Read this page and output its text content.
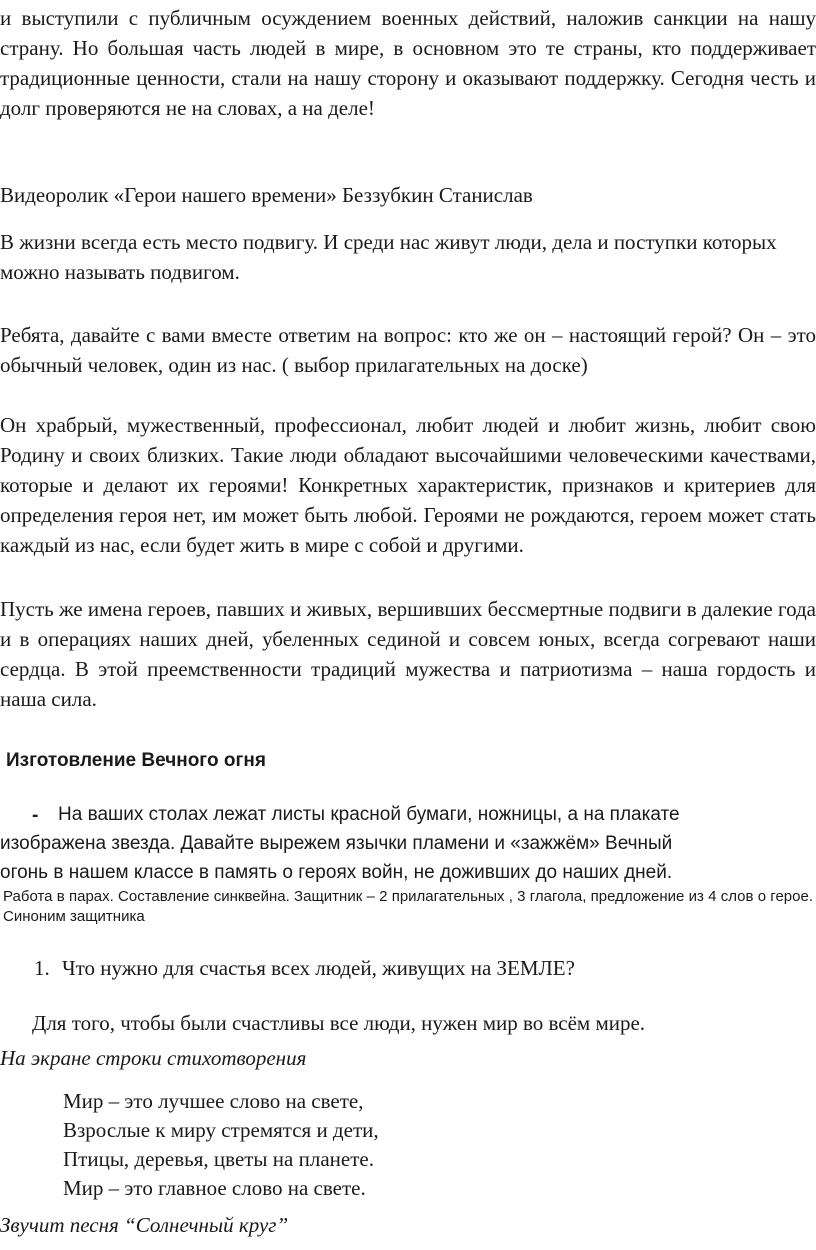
и выступили с публичным осуждением военных действий, наложив санкции на нашу страну. Но большая часть людей в мире, в основном это те страны, кто поддерживает традиционные ценности, стали на нашу сторону и оказывают поддержку. Сегодня честь и долг проверяются не на словах, а на деле!

Видеоролик «Герои нашего времени» Беззубкин Станислав

В жизни всегда есть место подвигу. И среди нас живут люди, дела и поступки которых можно называть подвигом.

Ребята, давайте с вами вместе ответим на вопрос: кто же он – настоящий герой? Он – это обычный человек, один из нас. ( выбор прилагательных на доске)

Он храбрый, мужественный, профессионал, любит людей и любит жизнь, любит свою Родину и своих близких. Такие люди обладают высочайшими человеческими качествами, которые и делают их героями! Конкретных характеристик, признаков и критериев для определения героя нет, им может быть любой. Героями не рождаются, героем может стать каждый из нас, если будет жить в мире с собой и другими.

Пусть же имена героев, павших и живых, вершивших бессмертные подвиги в далекие года и в операциях наших дней, убеленных сединой и совсем юных, всегда согревают наши сердца. В этой преемственности традиций мужества и патриотизма – наша гордость и наша сила.

Изготовление Вечного огня

-	На ваших столах лежат листы красной бумаги, ножницы, а на плакате
изображена звезда. Давайте вырежем язычки пламени и «зажжём» Вечный
огонь в нашем классе в память о героях войн, не доживших до наших дней.

Работа в парах. Составление синквейна. Защитник – 2 прилагательных , 3 глагола, предложение из 4 слов о герое. Синоним защитника

1. Что нужно для счастья всех людей, живущих на ЗЕМЛЕ?

Для того, чтобы были счастливы все люди, нужен мир во всём мире.

На экране строки стихотворения

Мир – это лучшее слово на свете,
Взрослые к миру стремятся и дети,
Птицы, деревья, цветы на планете.
Мир – это главное слово на свете.

Звучит песня “Солнечный круг”
